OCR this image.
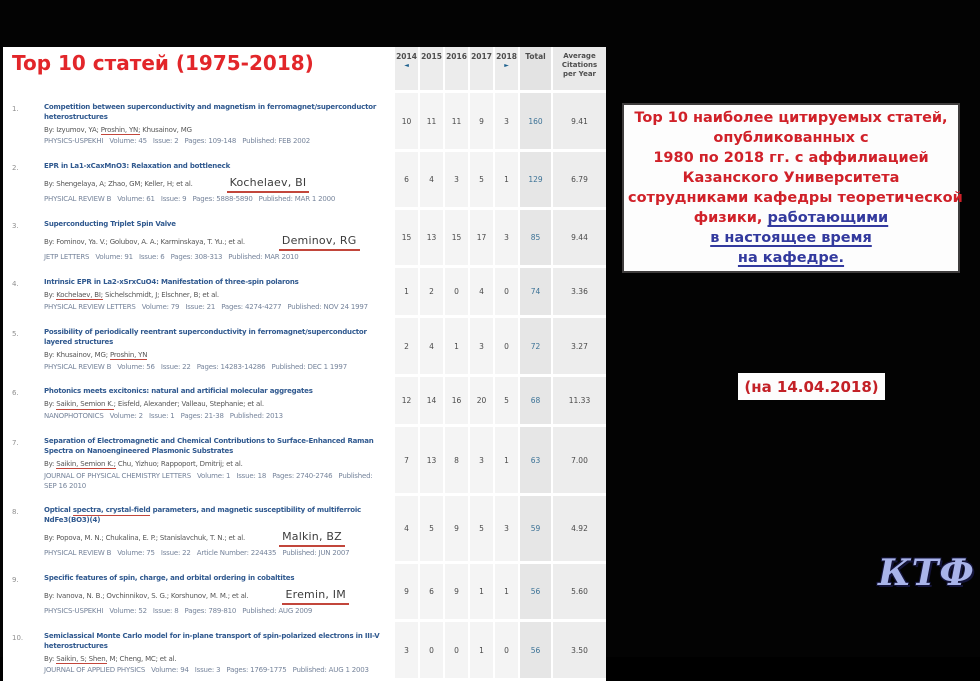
Top 10 статей (1975-2018)	2014
◄
2015 2016 2017 2018
►
Total	Average Citations per Year
1.	Competition between superconductivity and magnetism in ferromagnet/superconductor heterostructures
By: Izyumov, YA; Proshin, YN; Khusainov, MG
PHYSICS-USPEKHI   Volume: 45   Issue: 2   Pages: 109-148   Published: FEB 2002
10	11	11	9	3	160	9.41
2.	EPR in La1-xCaxMnO3: Relaxation and bottleneck
By: Shengelaya, A; Zhao, GM; Keller, H; et al.	Kochelaev, BI
PHYSICAL REVIEW B   Volume: 61   Issue: 9   Pages: 5888-5890   Published: MAR 1 2000
6	4	3	5	1	129	6.79
3.	Superconducting Triplet Spin Valve
By: Fominov, Ya. V.; Golubov, A. A.; Karminskaya, T. Yu.; et al.	Deminov, RG
JETP LETTERS   Volume: 91   Issue: 6   Pages: 308-313   Published: MAR 2010
15	13	15	17	3	85	9.44
4.	Intrinsic EPR in La2-xSrxCuO4: Manifestation of three-spin polarons
By: Kochelaev, BI; Sichelschmidt, J; Elschner, B; et al.
PHYSICAL REVIEW LETTERS   Volume: 79   Issue: 21   Pages: 4274-4277   Published: NOV 24 1997
1	2	0	4	0	74	3.36
5.	Possibility of periodically reentrant superconductivity in ferromagnet/superconductor layered structures
By: Khusainov, MG; Proshin, YN
PHYSICAL REVIEW B   Volume: 56   Issue: 22   Pages: 14283-14286   Published: DEC 1 1997
2	4	1	3	0	72	3.27
6.	Photonics meets excitonics: natural and artificial molecular aggregates
By: Saikin, Semion K.; Eisfeld, Alexander; Valleau, Stephanie; et al.
NANOPHOTONICS   Volume: 2   Issue: 1   Pages: 21-38   Published: 2013
12	14	16	20	5	68	11.33
7.	Separation of Electromagnetic and Chemical Contributions to Surface-Enhanced Raman Spectra on Nanoengineered Plasmonic Substrates
By: Saikin, Semion K.; Chu, Yizhuo; Rappoport, Dmitrij; et al.
JOURNAL OF PHYSICAL CHEMISTRY LETTERS   Volume: 1   Issue: 18   Pages: 2740-2746   Published: SEP 16 2010
7	13	8	3	1	63	7.00
8.	Optical spectra, crystal-field parameters, and magnetic susceptibility of multiferroic NdFe3(BO3)(4)
By: Popova, M. N.; Chukalina, E. P.; Stanislavchuk, T. N.; et al.	Malkin, BZ
PHYSICAL REVIEW B   Volume: 75   Issue: 22   Article Number: 224435   Published: JUN 2007
4	5	9	5	3	59	4.92
9.	Specific features of spin, charge, and orbital ordering in cobaltites
By: Ivanova, N. B.; Ovchinnikov, S. G.; Korshunov, M. M.; et al.	Eremin, IM
PHYSICS-USPEKHI   Volume: 52   Issue: 8   Pages: 789-810   Published: AUG 2009
9	6	9	1	1	56	5.60
10.	Semiclassical Monte Carlo model for in-plane transport of spin-polarized electrons in III-V heterostructures
By: Saikin, S; Shen, M; Cheng, MC; et al.
JOURNAL OF APPLIED PHYSICS   Volume: 94   Issue: 3   Pages: 1769-1775   Published: AUG 1 2003
3	0	0	1	0	56	3.50
Top 10 наиболее цитируемых статей,
опубликованных с
1980 по 2018 гг. с аффилиацией
Казанского Университета
сотрудниками кафедры теоретической
физики, работающими
в настоящее время
на кафедре.
(на 14.04.2018)
КТФ
